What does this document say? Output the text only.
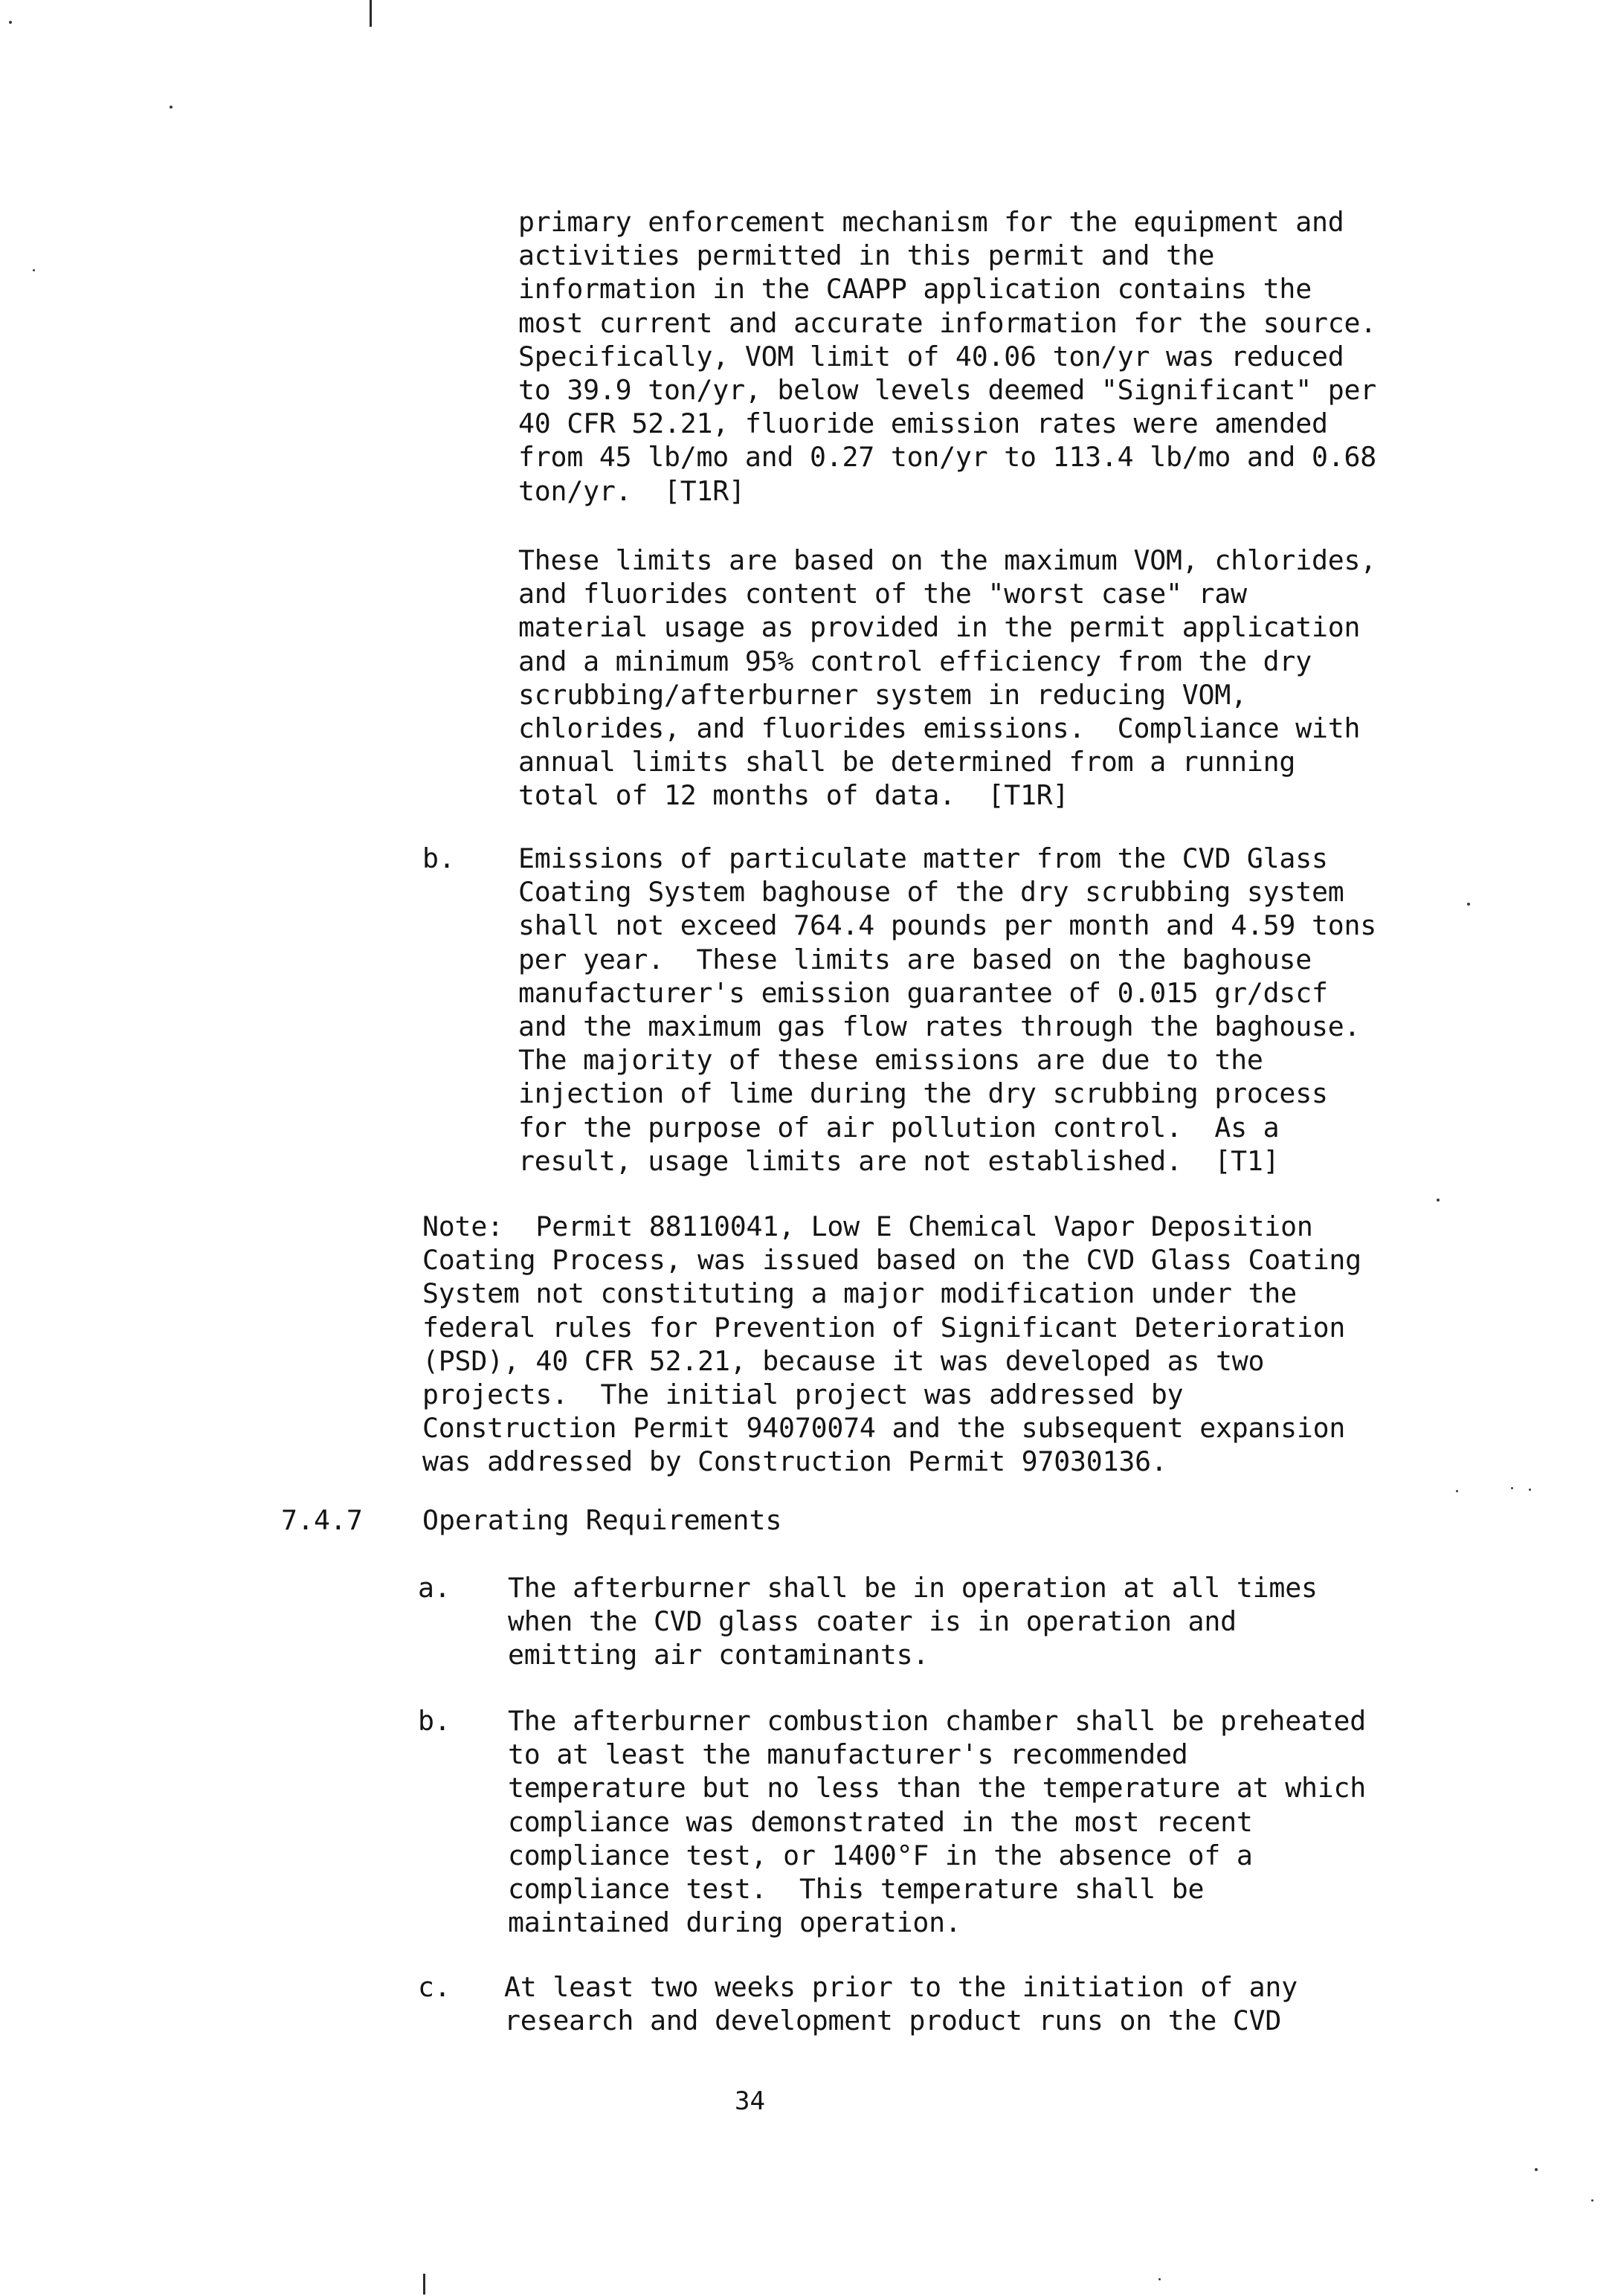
primary enforcement mechanism for the equipment and
activities permitted in this permit and the
information in the CAAPP application contains the
most current and accurate information for the source.
Specifically, VOM limit of 40.06 ton/yr was reduced
to 39.9 ton/yr, below levels deemed "Significant" per
40 CFR 52.21, fluoride emission rates were amended
from 45 lb/mo and 0.27 ton/yr to 113.4 lb/mo and 0.68
ton/yr.  [T1R]
These limits are based on the maximum VOM, chlorides,
and fluorides content of the "worst case" raw
material usage as provided in the permit application
and a minimum 95% control efficiency from the dry
scrubbing/afterburner system in reducing VOM,
chlorides, and fluorides emissions.  Compliance with
annual limits shall be determined from a running
total of 12 months of data.  [T1R]
b. Emissions of particulate matter from the CVD Glass
Coating System baghouse of the dry scrubbing system
shall not exceed 764.4 pounds per month and 4.59 tons
per year.  These limits are based on the baghouse
manufacturer's emission guarantee of 0.015 gr/dscf
and the maximum gas flow rates through the baghouse.
The majority of these emissions are due to the
injection of lime during the dry scrubbing process
for the purpose of air pollution control.  As a
result, usage limits are not established.  [T1]
Note:  Permit 88110041, Low E Chemical Vapor Deposition
Coating Process, was issued based on the CVD Glass Coating
System not constituting a major modification under the
federal rules for Prevention of Significant Deterioration
(PSD), 40 CFR 52.21, because it was developed as two
projects.  The initial project was addressed by
Construction Permit 94070074 and the subsequent expansion
was addressed by Construction Permit 97030136.
7.4.7 Operating Requirements
a. The afterburner shall be in operation at all times
when the CVD glass coater is in operation and
emitting air contaminants.
b. The afterburner combustion chamber shall be preheated
to at least the manufacturer's recommended
temperature but no less than the temperature at which
compliance was demonstrated in the most recent
compliance test, or 1400°F in the absence of a
compliance test.  This temperature shall be
maintained during operation.
c. At least two weeks prior to the initiation of any
research and development product runs on the CVD
34
